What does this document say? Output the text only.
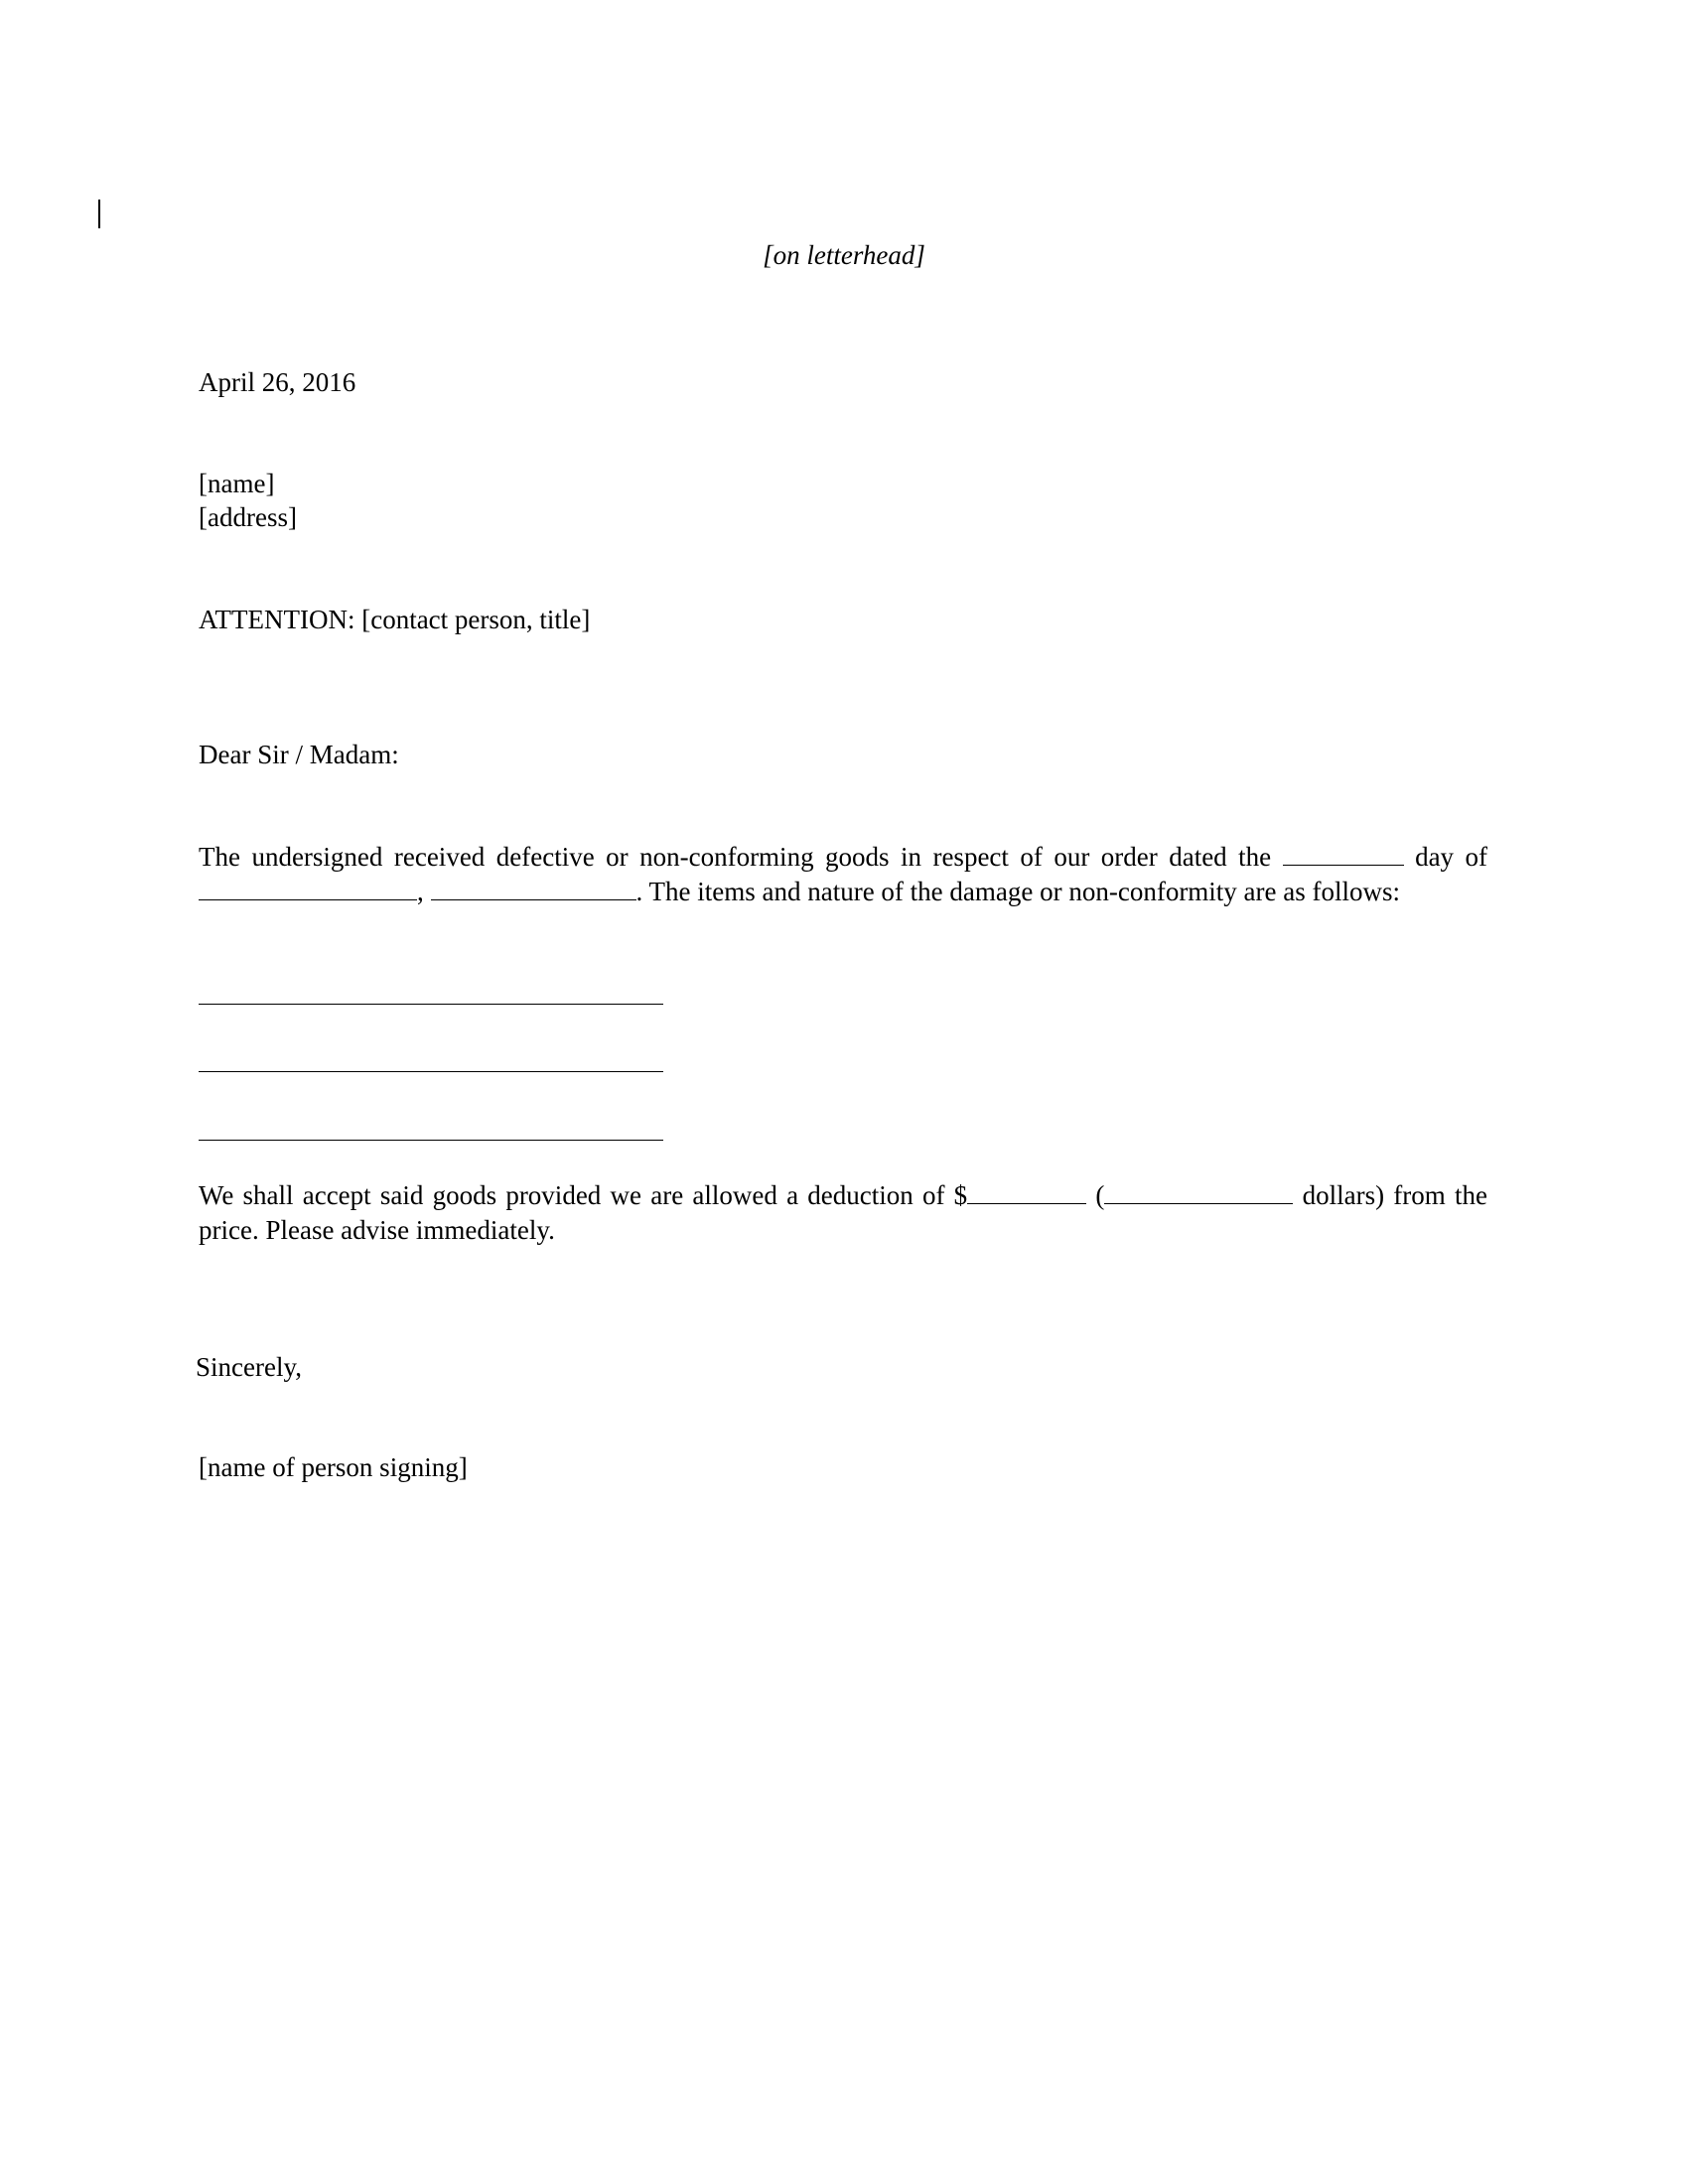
[on letterhead]
April 26, 2016
[name]
[address]
ATTENTION: [contact person, title]
Dear Sir / Madam:
The undersigned received defective or non-conforming goods in respect of our order dated the	day of ,	. The items and nature of the damage or non-conformity are as follows:
We shall accept said goods provided we are allowed a deduction of $	(	dollars) from the price. Please advise immediately.
Sincerely,
[name of person signing]
